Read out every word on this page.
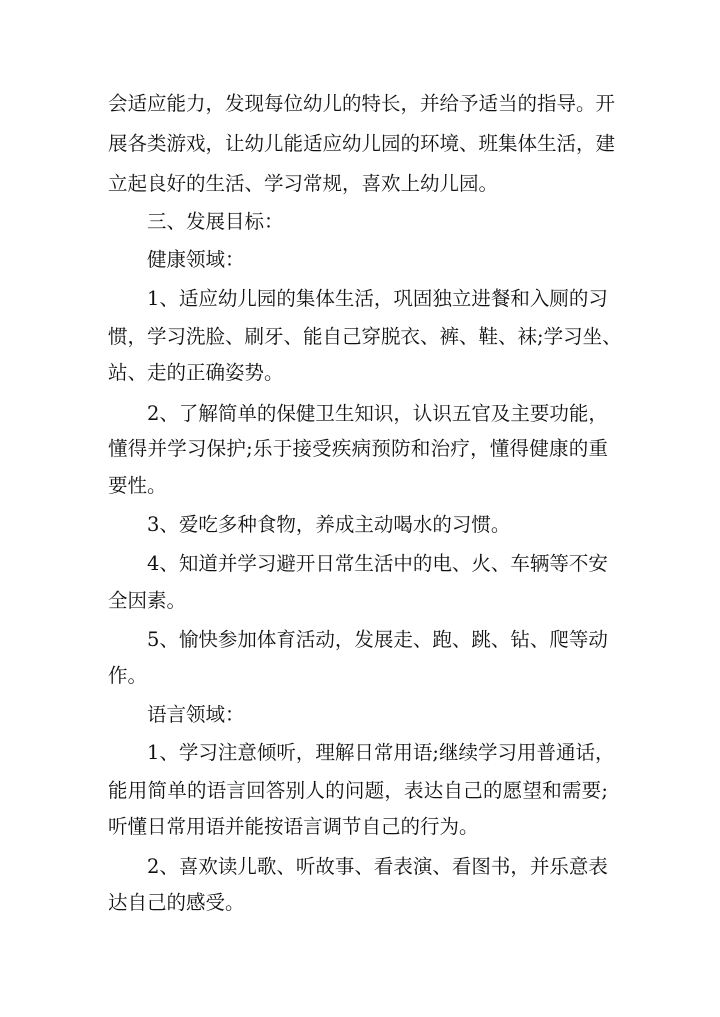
会适应能力，发现每位幼儿的特长，并给予适当的指导。开
展各类游戏，让幼儿能适应幼儿园的环境、班集体生活，建
立起良好的生活、学习常规，喜欢上幼儿园。
三、发展目标：
健康领域：
1、适应幼儿园的集体生活，巩固独立进餐和入厕的习
惯，学习洗脸、刷牙、能自己穿脱衣、裤、鞋、袜;学习坐、
站、走的正确姿势。
2、了解简单的保健卫生知识，认识五官及主要功能，
懂得并学习保护;乐于接受疾病预防和治疗，懂得健康的重
要性。
3、爱吃多种食物，养成主动喝水的习惯。
4、知道并学习避开日常生活中的电、火、车辆等不安
全因素。
5、愉快参加体育活动，发展走、跑、跳、钻、爬等动
作。
语言领域：
1、学习注意倾听，理解日常用语;继续学习用普通话，
能用简单的语言回答别人的问题，表达自己的愿望和需要;
听懂日常用语并能按语言调节自己的行为。
2、喜欢读儿歌、听故事、看表演、看图书，并乐意表
达自己的感受。
